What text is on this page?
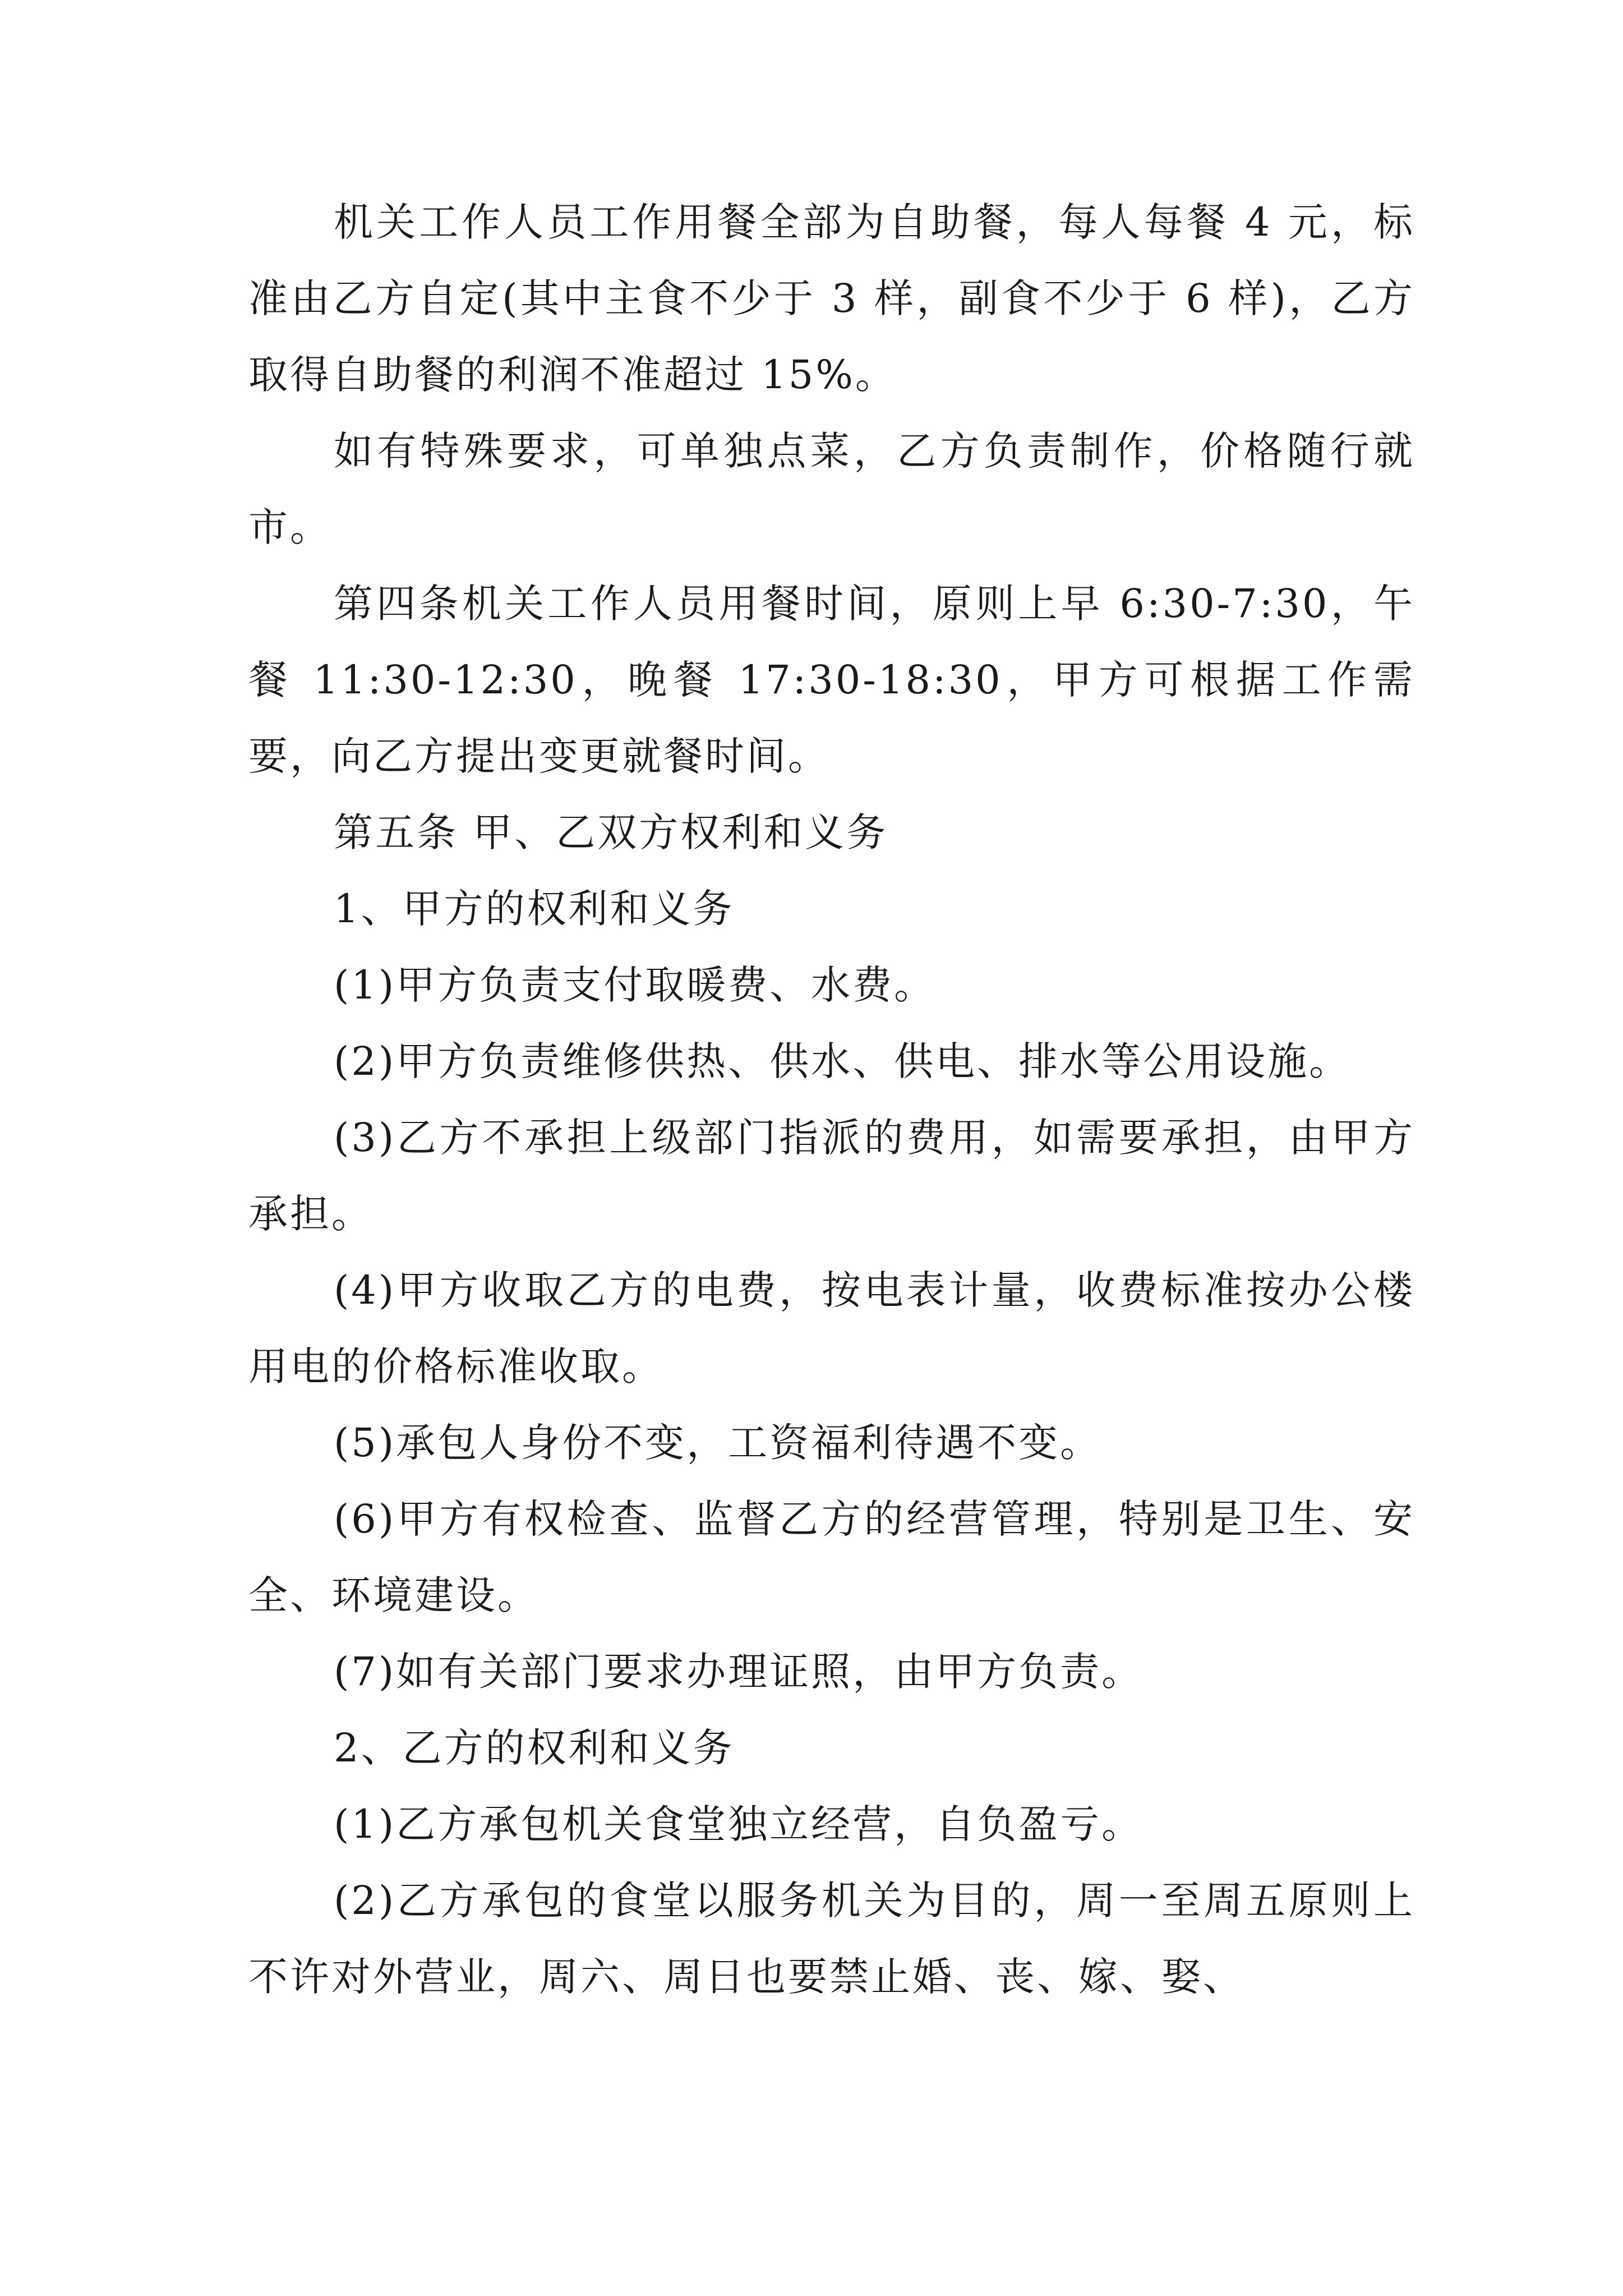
机关工作人员工作用餐全部为自助餐，每人每餐 4 元，标准由乙方自定(其中主食不少于 3 样，副食不少于 6 样)，乙方取得自助餐的利润不准超过 15%。

如有特殊要求，可单独点菜，乙方负责制作，价格随行就市。

第四条机关工作人员用餐时间，原则上早 6:30-7:30，午餐 11:30-12:30，晚餐 17:30-18:30，甲方可根据工作需要，向乙方提出变更就餐时间。

第五条 甲、乙双方权利和义务

1、甲方的权利和义务

(1)甲方负责支付取暖费、水费。

(2)甲方负责维修供热、供水、供电、排水等公用设施。

(3)乙方不承担上级部门指派的费用，如需要承担，由甲方承担。

(4)甲方收取乙方的电费，按电表计量，收费标准按办公楼用电的价格标准收取。

(5)承包人身份不变，工资福利待遇不变。

(6)甲方有权检查、监督乙方的经营管理，特别是卫生、安全、环境建设。

(7)如有关部门要求办理证照，由甲方负责。

2、乙方的权利和义务

(1)乙方承包机关食堂独立经营，自负盈亏。

(2)乙方承包的食堂以服务机关为目的，周一至周五原则上不许对外营业，周六、周日也要禁止婚、丧、嫁、娶、
